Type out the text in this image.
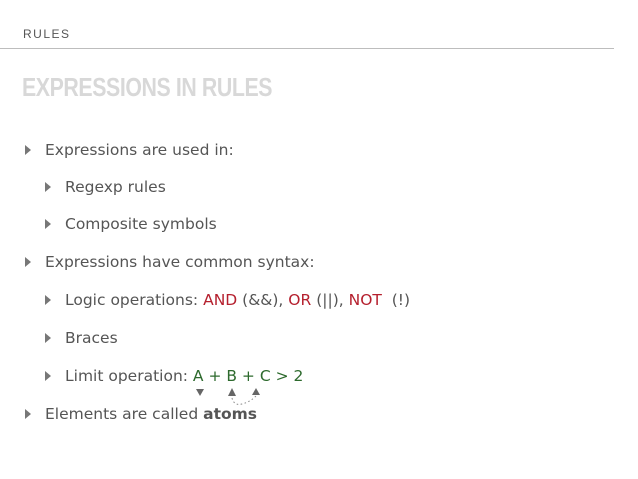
RULES
EXPRESSIONS IN RULES
Expressions are used in:
Regexp rules
Composite symbols
Expressions have common syntax:
Logic operations: AND (&&), OR (||), NOT  (!)
Braces
Limit operation: A + B + C > 2
Elements are called atoms
